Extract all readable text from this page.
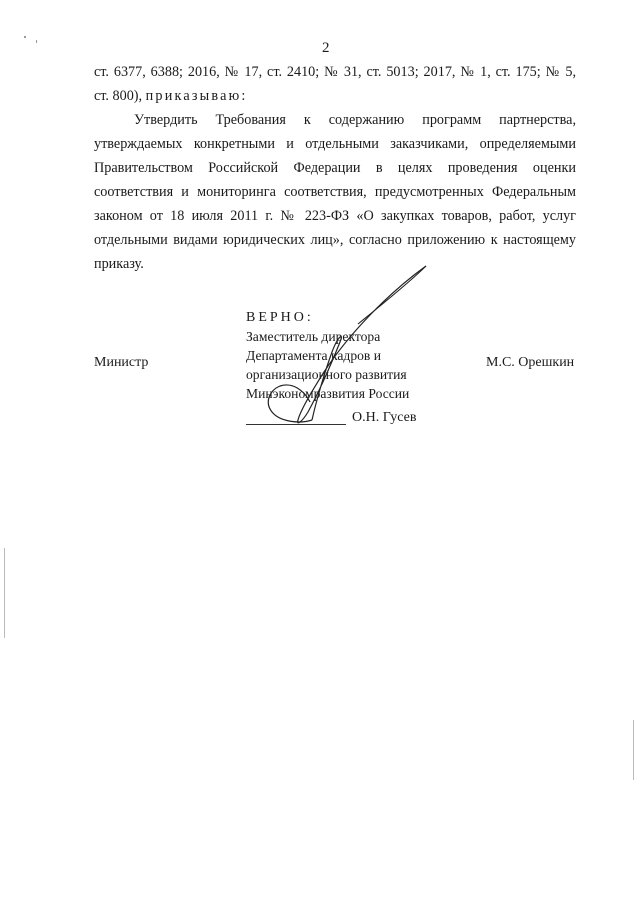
2
ст. 6377, 6388; 2016, № 17, ст. 2410; № 31, ст. 5013; 2017, № 1, ст. 175; № 5,
ст. 800), приказываю:
Утвердить Требования к содержанию программ партнерства,
утверждаемых конкретными и отдельными заказчиками, определяемыми
Правительством Российской Федерации в целях проведения оценки
соответствия и мониторинга соответствия, предусмотренных Федеральным
законом от 18 июля 2011 г. № 223-ФЗ «О закупках товаров, работ, услуг
отдельными видами юридических лиц», согласно приложению к настоящему
приказу.
ВЕРНО:
Заместитель директора
Департамента кадров и
организационного развития
Минэкономразвития России
Министр	М.С. Орешкин
О.Н. Гусев
